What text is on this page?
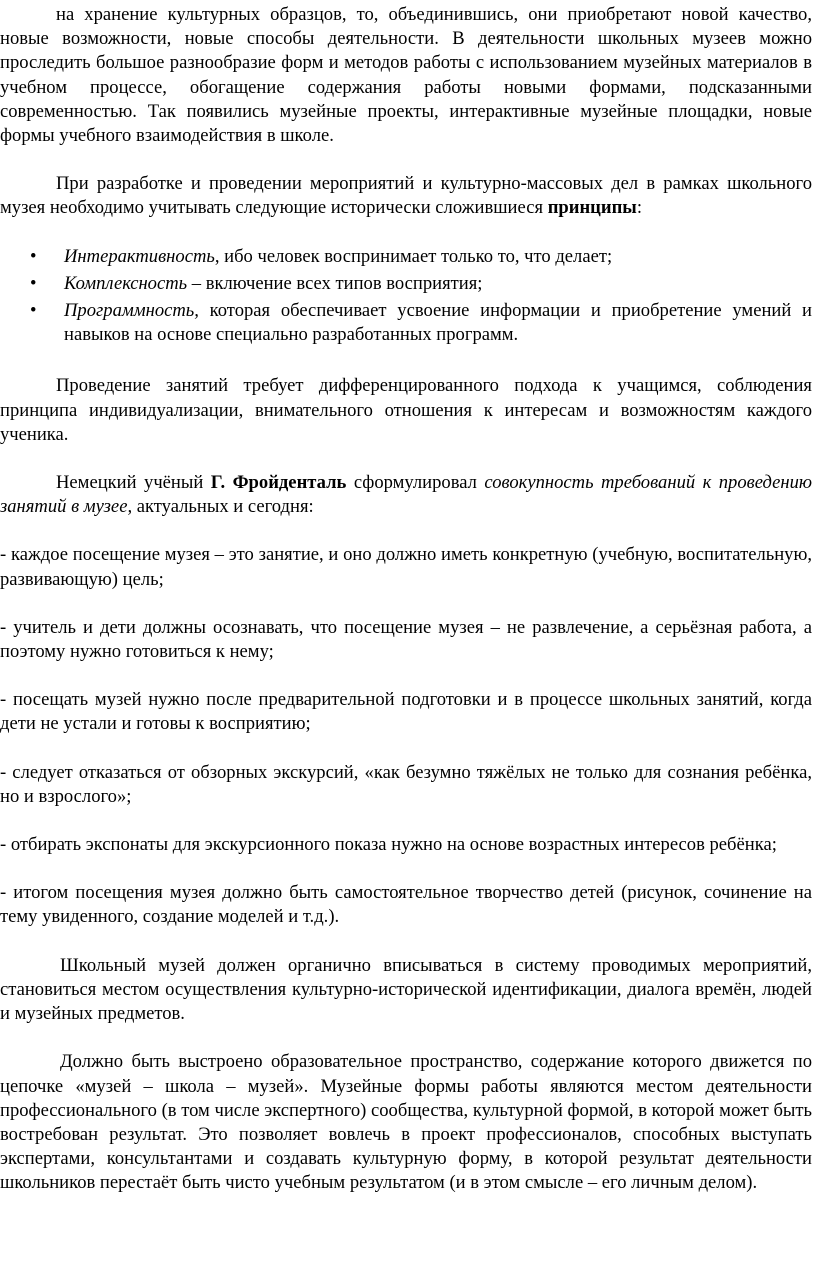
на хранение культурных образцов, то, объединившись, они приобретают новой качество, новые возможности, новые способы деятельности. В деятельности школьных музеев можно проследить большое разнообразие форм и методов работы с использованием музейных материалов в учебном процессе, обогащение содержания работы новыми формами, подсказанными современностью. Так появились музейные проекты, интерактивные музейные площадки, новые формы учебного взаимодействия в школе.

При разработке и проведении мероприятий и культурно-массовых дел в рамках школьного музея необходимо учитывать следующие исторически сложившиеся принципы:

• Интерактивность, ибо человек воспринимает только то, что делает;
• Комплексность – включение всех типов восприятия;
• Программность, которая обеспечивает усвоение информации и приобретение умений и навыков на основе специально разработанных программ.

Проведение занятий требует дифференцированного подхода к учащимся, соблюдения принципа индивидуализации, внимательного отношения к интересам и возможностям каждого ученика.

Немецкий учёный Г. Фройденталь сформулировал совокупность требований к проведению занятий в музее, актуальных и сегодня:

- каждое посещение музея – это занятие, и оно должно иметь конкретную (учебную, воспитательную, развивающую) цель;

- учитель и дети должны осознавать, что посещение музея – не развлечение, а серьёзная работа, а поэтому нужно готовиться к нему;

- посещать музей нужно после предварительной подготовки и в процессе школьных занятий, когда дети не устали и готовы к восприятию;

- следует отказаться от обзорных экскурсий, «как безумно тяжёлых не только для сознания ребёнка, но и взрослого»;

- отбирать экспонаты для экскурсионного показа нужно на основе возрастных интересов ребёнка;

- итогом посещения музея должно быть самостоятельное творчество детей (рисунок, сочинение на тему увиденного, создание моделей и т.д.).

Школьный музей должен органично вписываться в систему проводимых мероприятий, становиться местом осуществления культурно-исторической идентификации, диалога времён, людей и музейных предметов.

Должно быть выстроено образовательное пространство, содержание которого движется по цепочке «музей – школа – музей». Музейные формы работы являются местом деятельности профессионального (в том числе экспертного) сообщества, культурной формой, в которой может быть востребован результат. Это позволяет вовлечь в проект профессионалов, способных выступать экспертами, консультантами и создавать культурную форму, в которой результат деятельности школьников перестаёт быть чисто учебным результатом (и в этом смысле – его личным делом).
